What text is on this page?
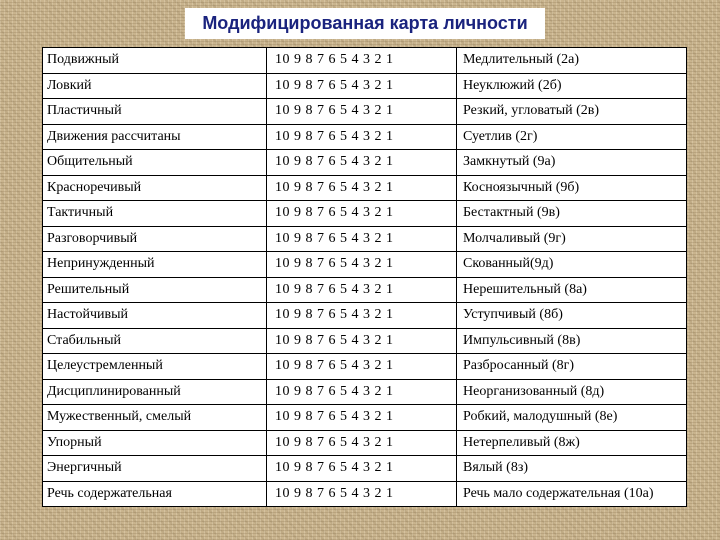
Модифицированная карта личности
Подвижный	10 9 8 7 6 5 4 3 2 1	Медлительный (2а)
Ловкий	10 9 8 7 6 5 4 3 2 1	Неуклюжий (2б)
Пластичный	10 9 8 7 6 5 4 3 2 1	Резкий, угловатый (2в)
Движения рассчитаны	10 9 8 7 6 5 4 3 2 1	Суетлив (2г)
Общительный	10 9 8 7 6 5 4 3 2 1	Замкнутый (9а)
Красноречивый	10 9 8 7 6 5 4 3 2 1	Косноязычный (9б)
Тактичный	10 9 8 7 6 5 4 3 2 1	Бестактный (9в)
Разговорчивый	10 9 8 7 6 5 4 3 2 1	Молчаливый (9г)
Непринужденный	10 9 8 7 6 5 4 3 2 1	Скованный(9д)
Решительный	10 9 8 7 6 5 4 3 2 1	Нерешительный (8а)
Настойчивый	10 9 8 7 6 5 4 3 2 1	Уступчивый (8б)
Стабильный	10 9 8 7 6 5 4 3 2 1	Импульсивный (8в)
Целеустремленный	10 9 8 7 6 5 4 3 2 1	Разбросанный (8г)
Дисциплинированный	10 9 8 7 6 5 4 3 2 1	Неорганизованный (8д)
Мужественный, смелый	10 9 8 7 6 5 4 3 2 1	Робкий, малодушный (8е)
Упорный	10 9 8 7 6 5 4 3 2 1	Нетерпеливый (8ж)
Энергичный	10 9 8 7 6 5 4 3 2 1	Вялый (8з)
Речь содержательная	10 9 8 7 6 5 4 3 2 1	Речь мало содержательная (10а)
